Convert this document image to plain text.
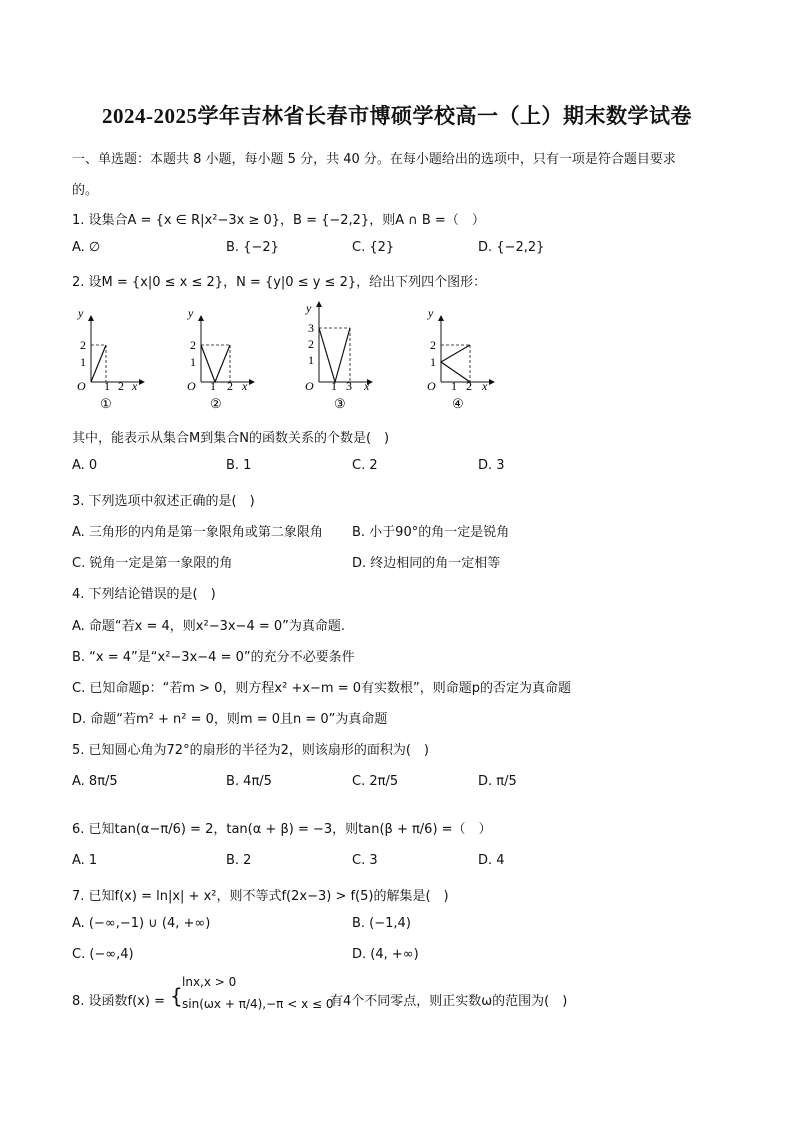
2024-2025学年吉林省长春市博硕学校高一（上）期末数学试卷
一、单选题：本题共 8 小题，每小题 5 分，共 40 分。在每小题给出的选项中，只有一项是符合题目要求
的。
1. 设集合A = {x ∈ R|x²−3x ≥ 0}，B = {−2,2}，则A ∩ B =（　）
A. ∅	B. {−2}	C. {2}	D. {−2,2}
2. 设M = {x|0 ≤ x ≤ 2}，N = {y|0 ≤ y ≤ 2}，给出下列四个图形：
y
x
O
2
1
1 2
①
y
x
O
2
1
1 2
②
y
x
O
3
2
1
1 3
③
y
x
O
2
1
1 2
④
其中，能表示从集合M到集合N的函数关系的个数是(　)
A. 0	B. 1	C. 2	D. 3
3. 下列选项中叙述正确的是(　)
A. 三角形的内角是第一象限角或第二象限角 B. 小于90°的角一定是锐角
C. 锐角一定是第一象限的角	D. 终边相同的角一定相等
4. 下列结论错误的是(　)
A. 命题“若x = 4，则x²−3x−4 = 0”为真命题.
B. “x = 4”是“x²−3x−4 = 0”的充分不必要条件
C. 已知命题p：“若m > 0，则方程x² +x−m = 0有实数根”，则命题p的否定为真命题
D. 命题“若m² + n² = 0，则m = 0且n = 0”为真命题
5. 已知圆心角为72°的扇形的半径为2，则该扇形的面积为(　)
A. 8π/5	B. 4π/5	C. 2π/5	D. π/5
6. 已知tan(α−π/6) = 2，tan(α + β) = −3，则tan(β + π/6) =（　）
A. 1	B. 2	C. 3	D. 4
7. 已知f(x) = ln|x| + x²，则不等式f(2x−3) > f(5)的解集是(　)
A. (−∞,−1) ∪ (4, +∞)	B. (−1,4)
C. (−∞,4)	D. (4, +∞)
8. 设函数f(x) = {
lnx,x > 0
sin(ωx + π/4),−π < x ≤ 0
有4个不同零点，则正实数ω的范围为(　)
